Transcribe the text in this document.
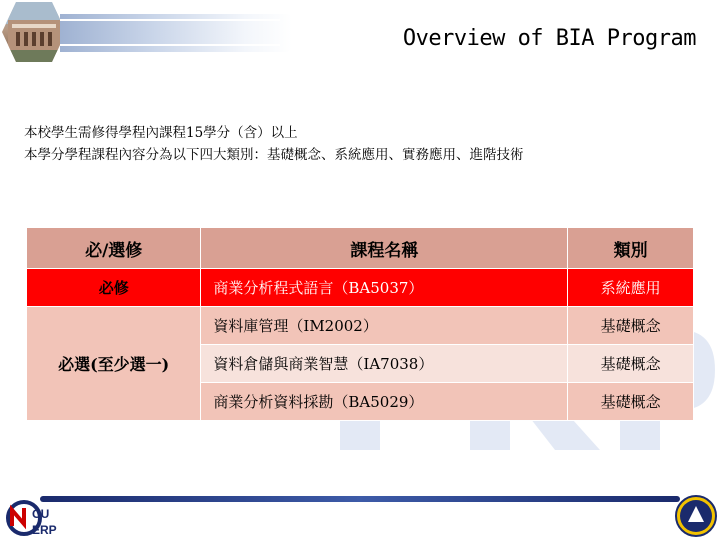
Overview of BIA Program
本校學生需修得學程內課程15學分（含）以上
本學分學程課程內容分為以下四大類別：基礎概念、系統應用、實務應用、進階技術
必/選修	課程名稱	類別
必修	商業分析程式語言（BA5037）	系統應用
必選(至少選一)	資料庫管理（IM2002）	基礎概念
	資料倉儲與商業智慧（IA7038）	基礎概念
	商業分析資料採勘（BA5029）	基礎概念
CU
ERP
